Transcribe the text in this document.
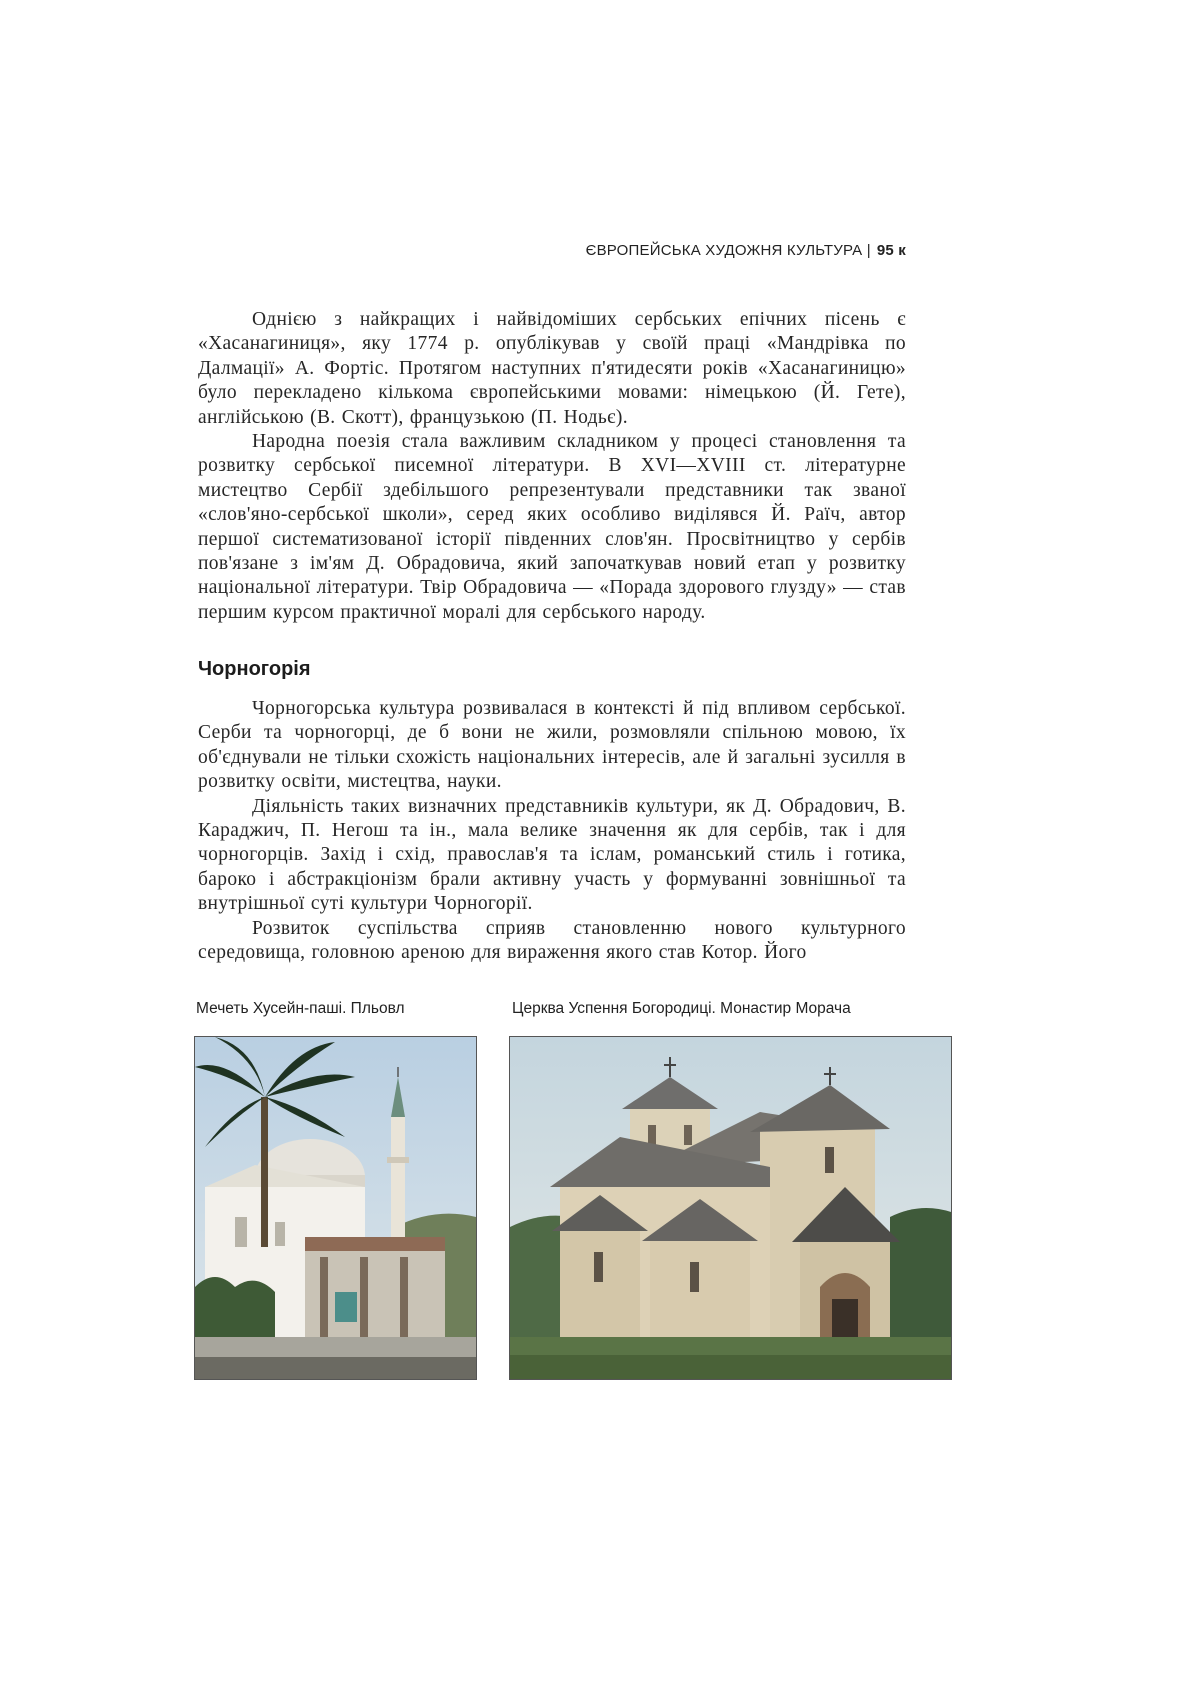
ЄВРОПЕЙСЬКА ХУДОЖНЯ КУЛЬТУРА | 95 к

Однією з найкращих і найвідоміших сербських епічних пісень є «Хасанагиниця», яку 1774 р. опублікував у своїй праці «Мандрівка по Далмації» А. Фортіс. Протягом наступних п'ятидесяти років «Хасанагиницю» було перекладено кількома європейськими мовами: німецькою (Й. Гете), англійською (В. Скотт), французькою (П. Нодьє).

Народна поезія стала важливим складником у процесі становлення та розвитку сербської писемної літератури. В XVI—XVIII ст. літературне мистецтво Сербії здебільшого репрезентували представники так званої «слов'яно-сербської школи», серед яких особливо виділявся Й. Раїч, автор першої систематизованої історії південних слов'ян. Просвітництво у сербів пов'язане з ім'ям Д. Обрадовича, який започаткував новий етап у розвитку національної літератури. Твір Обрадовича — «Порада здорового глузду» — став першим курсом практичної моралі для сербського народу.

Чорногорія

Чорногорська культура розвивалася в контексті й під впливом сербської. Серби та чорногорці, де б вони не жили, розмовляли спільною мовою, їх об'єднували не тільки схожість національних інтересів, але й загальні зусилля в розвитку освіти, мистецтва, науки.

Діяльність таких визначних представників культури, як Д. Обрадович, В. Караджич, П. Негош та ін., мала велике значення як для сербів, так і для чорногорців. Захід і схід, православ'я та іслам, романський стиль і готика, бароко і абстракціонізм брали активну участь у формуванні зовнішньої та внутрішньої суті культури Чорногорії.

Розвиток суспільства сприяв становленню нового культурного середовища, головною ареною для вираження якого став Котор. Його

Мечеть Хусейн-паші. Пльовл	Церква Успення Богородиці. Монастир Морача
